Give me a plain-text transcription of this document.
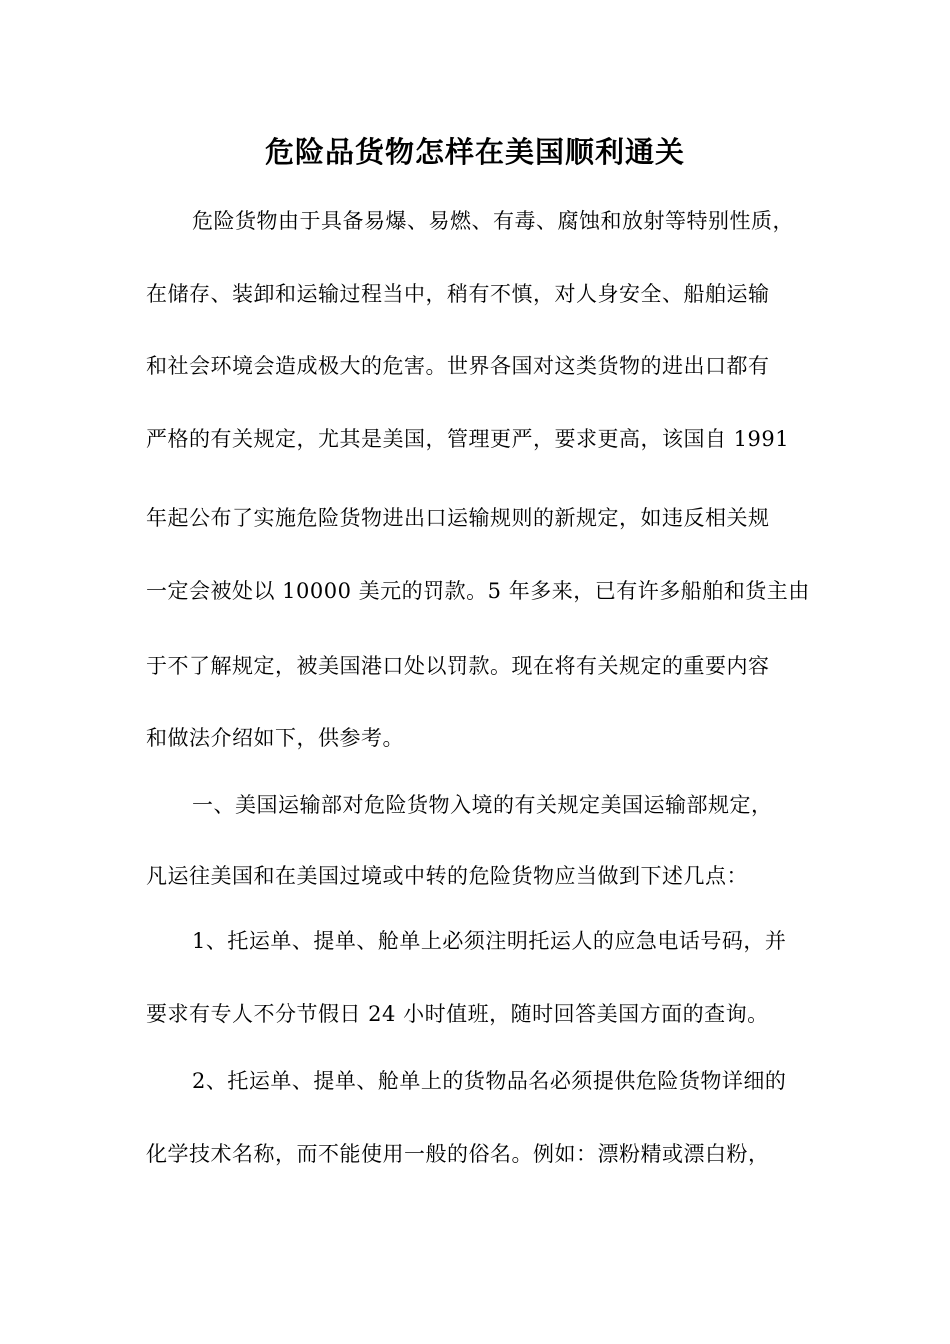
危险品货物怎样在美国顺利通关
危险货物由于具备易爆、易燃、有毒、腐蚀和放射等特别性质，
在储存、装卸和运输过程当中，稍有不慎，对人身安全、船舶运输
和社会环境会造成极大的危害。世界各国对这类货物的进出口都有
严格的有关规定，尤其是美国，管理更严，要求更高，该国自 1991
年起公布了实施危险货物进出口运输规则的新规定，如违反相关规
一定会被处以 10000 美元的罚款。5 年多来，已有许多船舶和货主由
于不了解规定，被美国港口处以罚款。现在将有关规定的重要内容
和做法介绍如下，供参考。
一、美国运输部对危险货物入境的有关规定美国运输部规定，
凡运往美国和在美国过境或中转的危险货物应当做到下述几点：
1、托运单、提单、舱单上必须注明托运人的应急电话号码，并
要求有专人不分节假日 24 小时值班，随时回答美国方面的查询。
2、托运单、提单、舱单上的货物品名必须提供危险货物详细的
化学技术名称，而不能使用一般的俗名。例如：漂粉精或漂白粉，
